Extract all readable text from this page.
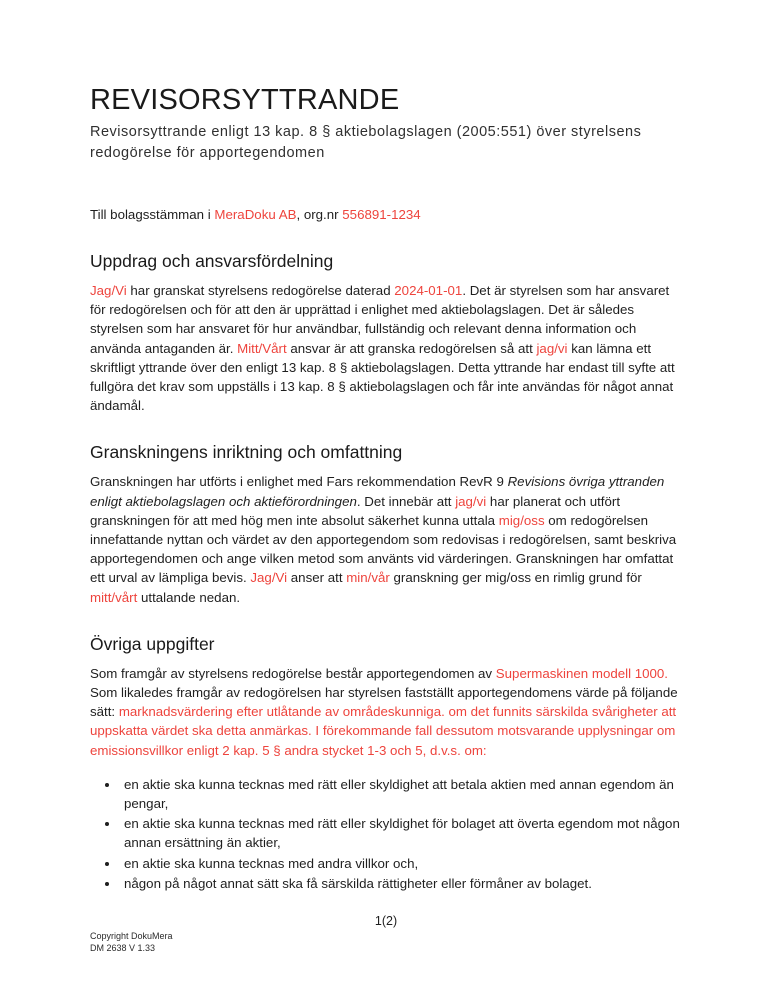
REVISORSYTTRANDE

Revisorsyttrande enligt 13 kap. 8 § aktiebolagslagen (2005:551) över styrelsens redogörelse för apportegendomen

Till bolagsstämman i MeraDoku AB, org.nr 556891-1234

Uppdrag och ansvarsfördelning

Jag/Vi har granskat styrelsens redogörelse daterad 2024-01-01. Det är styrelsen som har ansvaret för redogörelsen och för att den är upprättad i enlighet med aktiebolagslagen. Det är således styrelsen som har ansvaret för hur användbar, fullständig och relevant denna information och använda antaganden är. Mitt/Vårt ansvar är att granska redogörelsen så att jag/vi kan lämna ett skriftligt yttrande över den enligt 13 kap. 8 § aktiebolagslagen. Detta yttrande har endast till syfte att fullgöra det krav som uppställs i 13 kap. 8 § aktiebolagslagen och får inte användas för något annat ändamål.

Granskningens inriktning och omfattning

Granskningen har utförts i enlighet med Fars rekommendation RevR 9 Revisions övriga yttranden enligt aktiebolagslagen och aktieförordningen. Det innebär att jag/vi har planerat och utfört granskningen för att med hög men inte absolut säkerhet kunna uttala mig/oss om redogörelsen innefattande nyttan och värdet av den apportegendom som redovisas i redogörelsen, samt beskriva apportegendomen och ange vilken metod som använts vid värderingen. Granskningen har omfattat ett urval av lämpliga bevis. Jag/Vi anser att min/vår granskning ger mig/oss en rimlig grund för mitt/vårt uttalande nedan.

Övriga uppgifter

Som framgår av styrelsens redogörelse består apportegendomen av Supermaskinen modell 1000. Som likaledes framgår av redogörelsen har styrelsen fastställt apportegendomens värde på följande sätt: marknadsvärdering efter utlåtande av områdeskunniga. om det funnits särskilda svårigheter att uppskatta värdet ska detta anmärkas. I förekommande fall dessutom motsvarande upplysningar om emissionsvillkor enligt 2 kap. 5 § andra stycket 1-3 och 5, d.v.s. om:

• en aktie ska kunna tecknas med rätt eller skyldighet att betala aktien med annan egendom än pengar,
• en aktie ska kunna tecknas med rätt eller skyldighet för bolaget att överta egendom mot någon annan ersättning än aktier,
• en aktie ska kunna tecknas med andra villkor och,
• någon på något annat sätt ska få särskilda rättigheter eller förmåner av bolaget.
1(2)
Copyright DokuMera
DM 2638 V 1.33
